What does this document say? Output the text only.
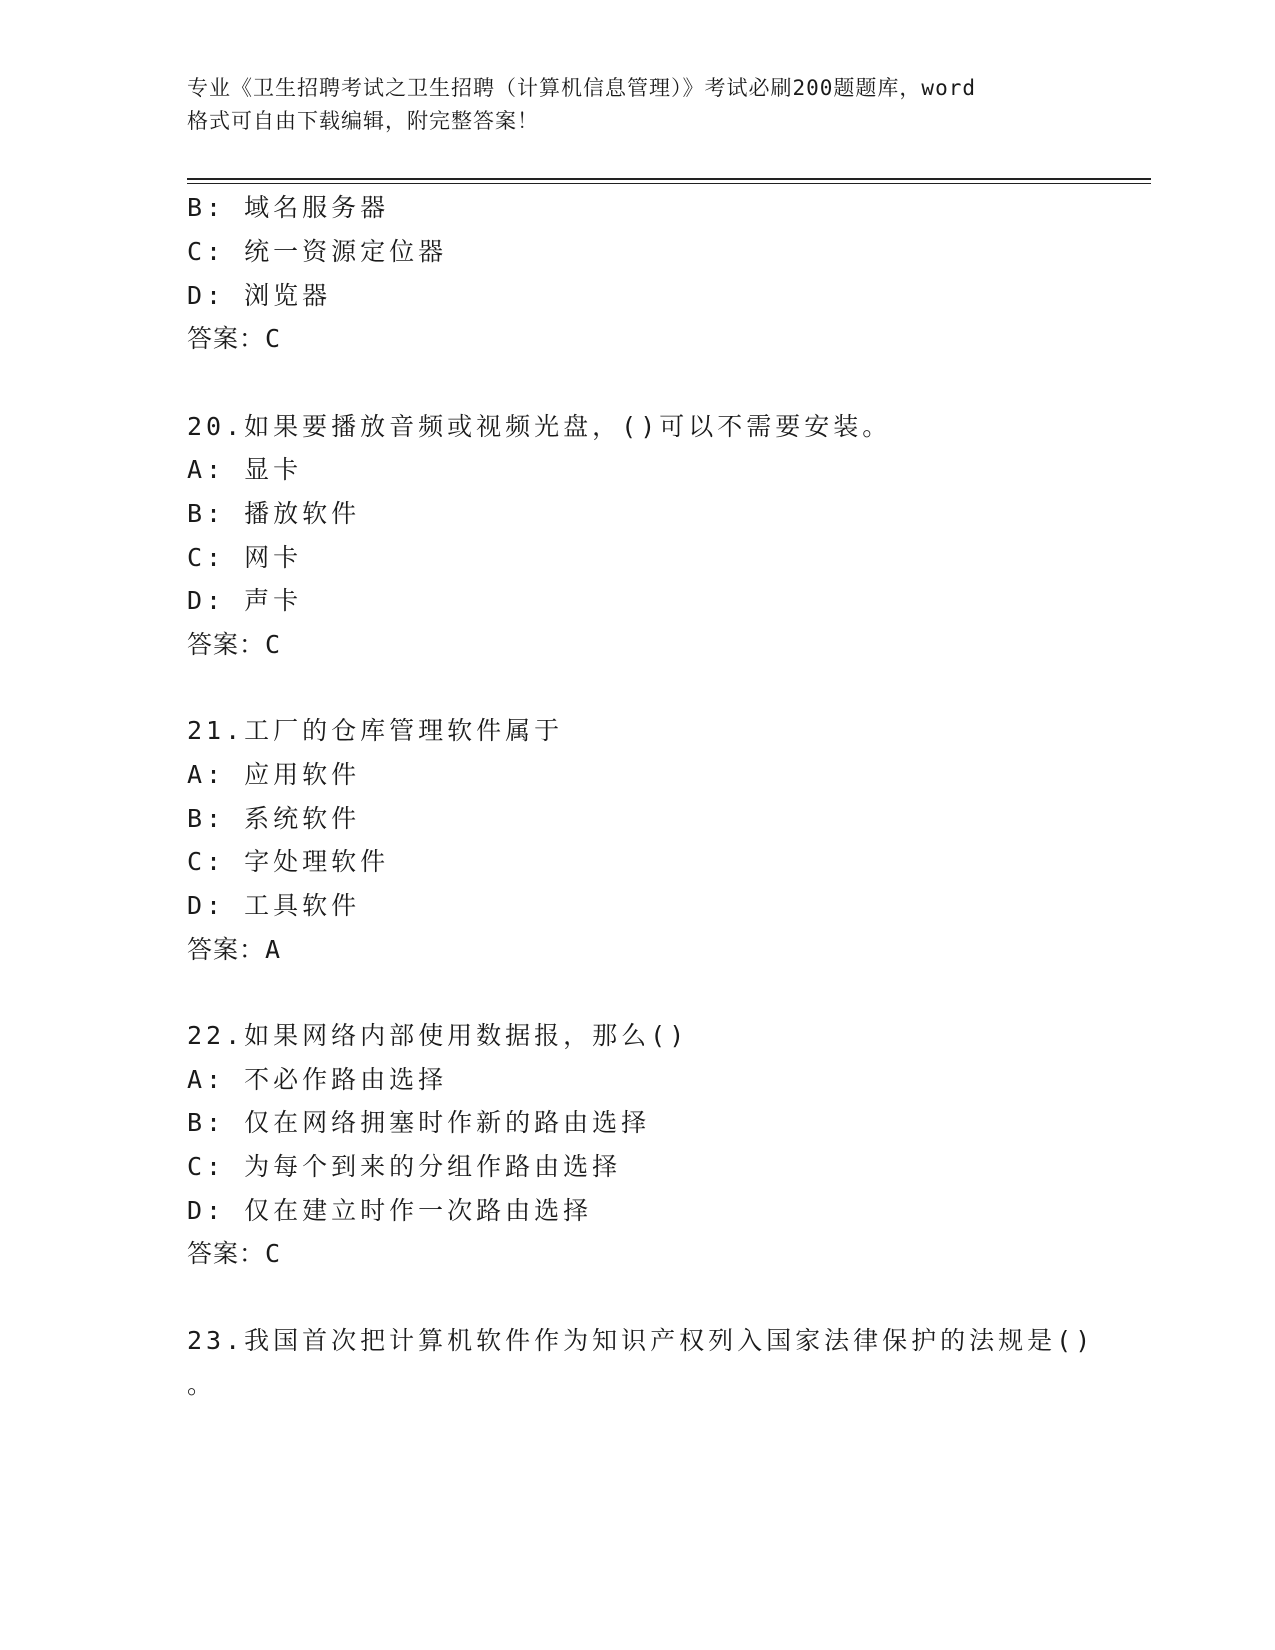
专业《卫生招聘考试之卫生招聘（计算机信息管理）》考试必刷200题题库，word
格式可自由下载编辑，附完整答案！
B: 域名服务器
C: 统一资源定位器
D: 浏览器
答案：C
20.如果要播放音频或视频光盘，()可以不需要安装。
A: 显卡
B: 播放软件
C: 网卡
D: 声卡
答案：C
21.工厂的仓库管理软件属于
A: 应用软件
B: 系统软件
C: 字处理软件
D: 工具软件
答案：A
22.如果网络内部使用数据报，那么()
A: 不必作路由选择
B: 仅在网络拥塞时作新的路由选择
C: 为每个到来的分组作路由选择
D: 仅在建立时作一次路由选择
答案：C
23.我国首次把计算机软件作为知识产权列入国家法律保护的法规是()
。
